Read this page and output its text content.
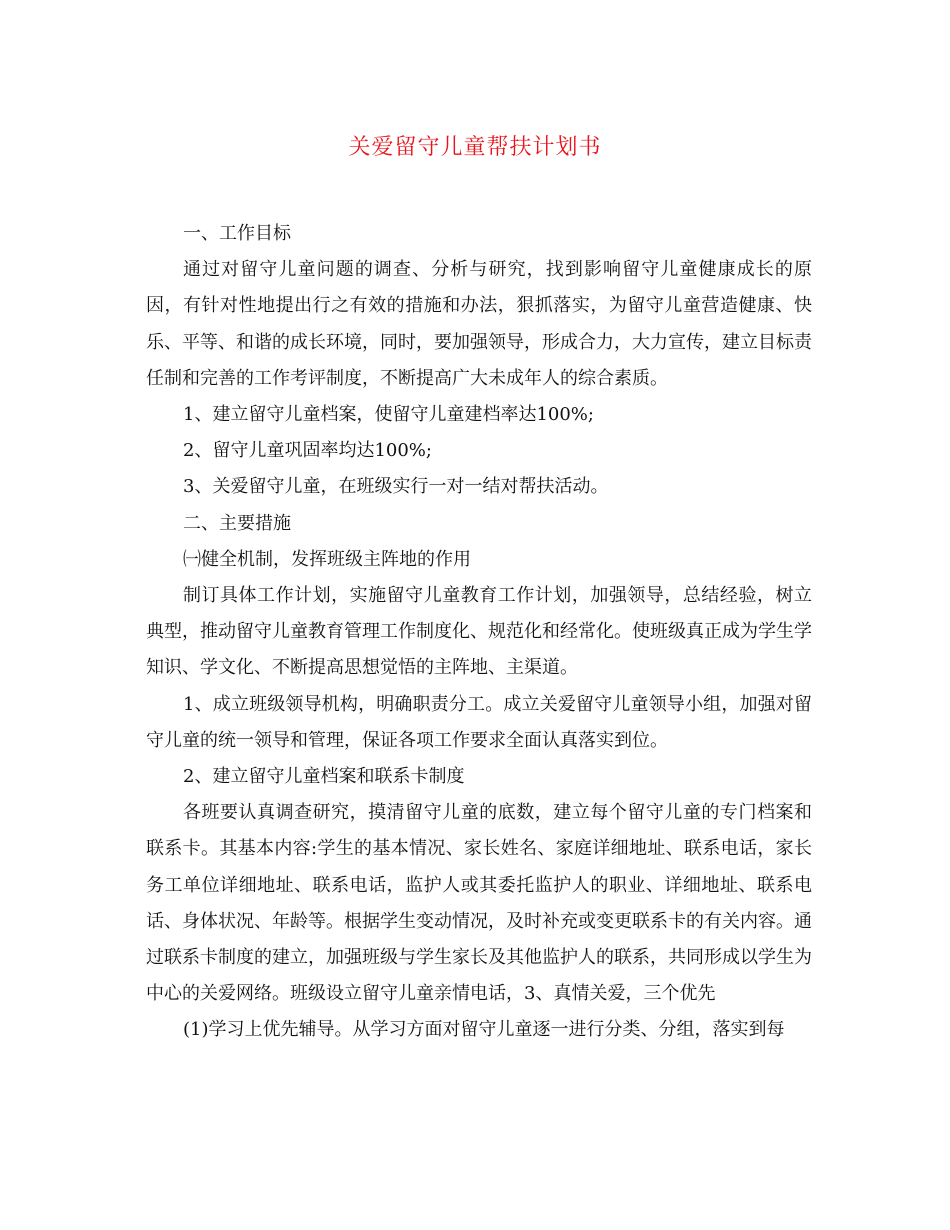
关爱留守儿童帮扶计划书

一、工作目标

通过对留守儿童问题的调查、分析与研究，找到影响留守儿童健康成长的原因，有针对性地提出行之有效的措施和办法，狠抓落实，为留守儿童营造健康、快乐、平等、和谐的成长环境，同时，要加强领导，形成合力，大力宣传，建立目标责任制和完善的工作考评制度，不断提高广大未成年人的综合素质。

1、建立留守儿童档案，使留守儿童建档率达100%;

2、留守儿童巩固率均达100%;

3、关爱留守儿童，在班级实行一对一结对帮扶活动。

二、主要措施

㈠健全机制，发挥班级主阵地的作用

制订具体工作计划，实施留守儿童教育工作计划，加强领导，总结经验，树立典型，推动留守儿童教育管理工作制度化、规范化和经常化。使班级真正成为学生学知识、学文化、不断提高思想觉悟的主阵地、主渠道。

1、成立班级领导机构，明确职责分工。成立关爱留守儿童领导小组，加强对留守儿童的统一领导和管理，保证各项工作要求全面认真落实到位。

2、建立留守儿童档案和联系卡制度

各班要认真调查研究，摸清留守儿童的底数，建立每个留守儿童的专门档案和联系卡。其基本内容:学生的基本情况、家长姓名、家庭详细地址、联系电话，家长务工单位详细地址、联系电话，监护人或其委托监护人的职业、详细地址、联系电话、身体状况、年龄等。根据学生变动情况，及时补充或变更联系卡的有关内容。通过联系卡制度的建立，加强班级与学生家长及其他监护人的联系，共同形成以学生为中心的关爱网络。班级设立留守儿童亲情电话，3、真情关爱，三个优先

(1)学习上优先辅导。从学习方面对留守儿童逐一进行分类、分组，落实到每
